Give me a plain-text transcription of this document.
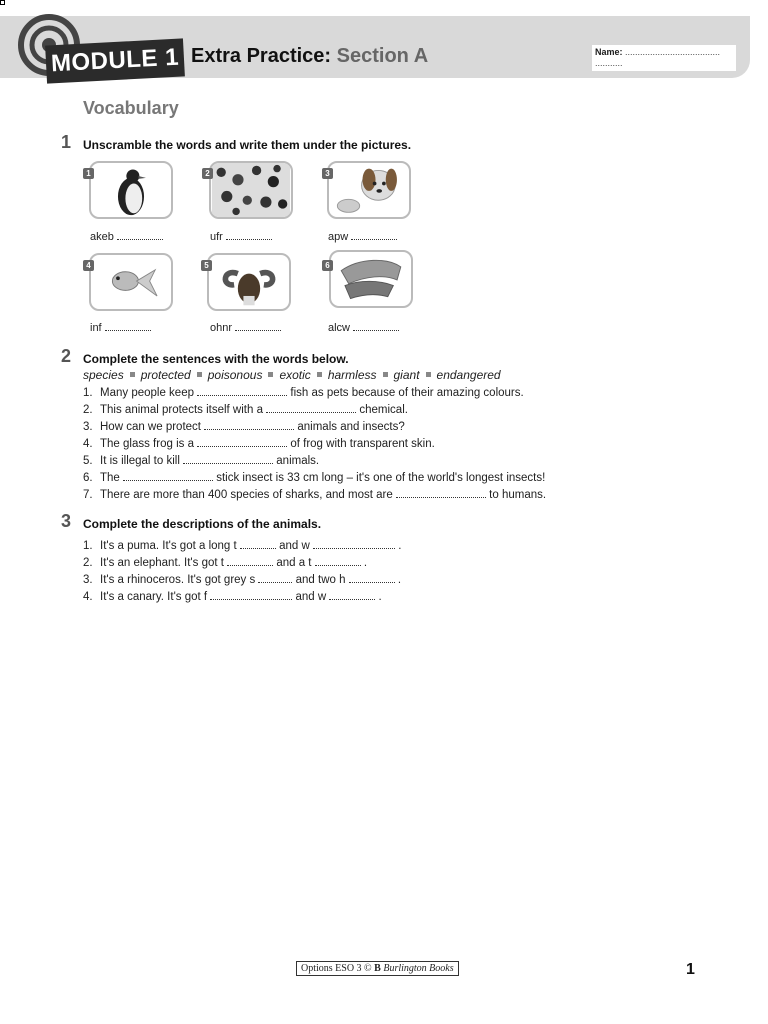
MODULE 1 Extra Practice: Section A	Name: ......................................
...........
Vocabulary
1 Unscramble the words and write them under the pictures.
1	2	3
akeb	ufr	apw
4	5	6
inf	ohnr	alcw
2 Complete the sentences with the words below.
species protected poisonous exotic harmless giant endangered
1. Many people keep	fish as pets because of their amazing colours.
2. This animal protects itself with a	chemical.
3. How can we protect	animals and insects?
4. The glass frog is a	of frog with transparent skin.
5. It is illegal to kill	animals.
6. The	stick insect is 33 cm long – it's one of the world's longest insects!
7. There are more than 400 species of sharks, and most are	to humans.
3 Complete the descriptions of the animals.
1. It's a puma. It's got a long t	and w	.
2. It's an elephant. It's got t	and a t	.
3. It's a rhinoceros. It's got grey s	and two h	.
4. It's a canary. It's got f	and w	.
Options ESO 3 © B Burlington Books	1
